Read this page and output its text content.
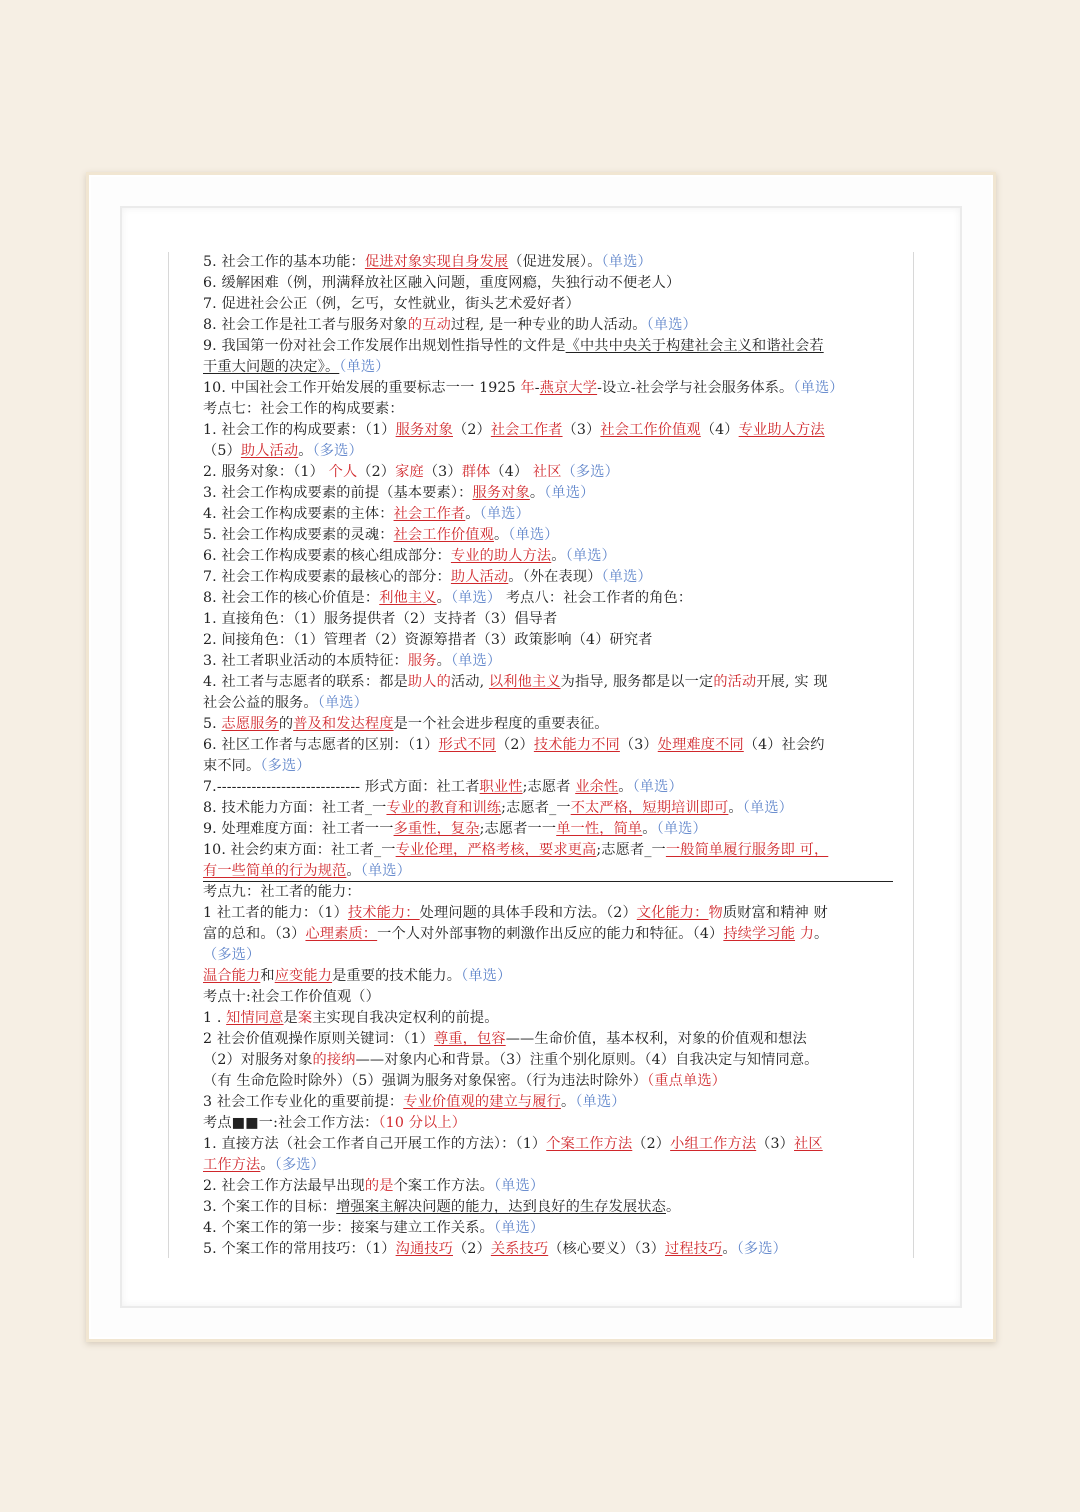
5. 社会工作的基本功能：促进对象实现自身发展（促进发展）。（单选）
6. 缓解困难（例，刑满释放社区融入问题，重度网瘾，失独行动不便老人）
7. 促进社会公正（例，乞丐，女性就业，街头艺术爱好者）
8. 社会工作是社工者与服务对象的互动过程, 是一种专业的助人活动。（单选）
9. 我国第一份对社会工作发展作出规划性指导性的文件是《中共中央关于构建社会主义和谐社会若
干重大问题的决定》。（单选）
10. 中国社会工作开始发展的重要标志一一 1925 年-燕京大学-设立-社会学与社会服务体系。（单选）
考点七：社会工作的构成要素：
1. 社会工作的构成要素：（1）服务对象（2）社会工作者（3）社会工作价值观（4）专业助人方法
（5）助人活动。（多选）
2. 服务对象：（1） 个人（2）家庭（3）群体（4） 社区（多选）
3. 社会工作构成要素的前提（基本要素）：服务对象。（单选）
4. 社会工作构成要素的主体：社会工作者。（单选）
5. 社会工作构成要素的灵魂：社会工作价值观。（单选）
6. 社会工作构成要素的核心组成部分：专业的助人方法。（单选）
7. 社会工作构成要素的最核心的部分：助人活动。（外在表现）（单选）
8. 社会工作的核心价值是：利他主义。（单选） 考点八：社会工作者的角色：
1. 直接角色：（1）服务提供者（2）支持者（3）倡导者
2. 间接角色：（1）管理者（2）资源筹措者（3）政策影响（4）研究者
3. 社工者职业活动的本质特征：服务。（单选）
4. 社工者与志愿者的联系：都是助人的活动, 以利他主义为指导, 服务都是以一定的活动开展, 实 现
社会公益的服务。（单选）
5. 志愿服务的普及和发达程度是一个社会进步程度的重要表征。
6. 社区工作者与志愿者的区别：（1）形式不同（2）技术能力不同（3）处理难度不同（4）社会约
束不同。（多选）
7.----------------------------- 形式方面：社工者职业性;志愿者 业余性。（单选）
8. 技术能力方面：社工者_一专业的教育和训练;志愿者_一不太严格，短期培训即可。（单选）
9. 处理难度方面：社工者一一多重性，复杂;志愿者一一单一性，简单。（单选）
10. 社会约束方面：社工者_一专业伦理，严格考核，要求更高;志愿者_一一般简单履行服务即 可，
有一些简单的行为规范。（单选）
考点九：社工者的能力：
1 社工者的能力：（1）技术能力：处理问题的具体手段和方法。（2）文化能力：物质财富和精神 财
富的总和。（3）心理素质：一个人对外部事物的刺激作出反应的能力和特征。（4）持续学习能 力。
（多选）
温合能力和应变能力是重要的技术能力。（单选）
考点十:社会工作价值观（）
1 . 知情同意是案主实现自我决定权利的前提。
2 社会价值观操作原则关键词：（1）尊重，包容——生命价值，基本权利，对象的价值观和想法
（2）对服务对象的接纳——对象内心和背景。（3）注重个别化原则。（4）自我决定与知情同意。
（有 生命危险时除外）（5）强调为服务对象保密。（行为违法时除外）（重点单选）
3 社会工作专业化的重要前提：专业价值观的建立与履行。（单选）
考点■■一:社会工作方法：（10 分以上）
1. 直接方法（社会工作者自己开展工作的方法）：（1）个案工作方法（2）小组工作方法（3）社区
工作方法。（多选）
2. 社会工作方法最早出现的是个案工作方法。（单选）
3. 个案工作的目标：增强案主解决问题的能力，达到良好的生存发展状态。
4. 个案工作的第一步：接案与建立工作关系。（单选）
5. 个案工作的常用技巧：（1）沟通技巧（2）关系技巧（核心要义）（3）过程技巧。（多选）
